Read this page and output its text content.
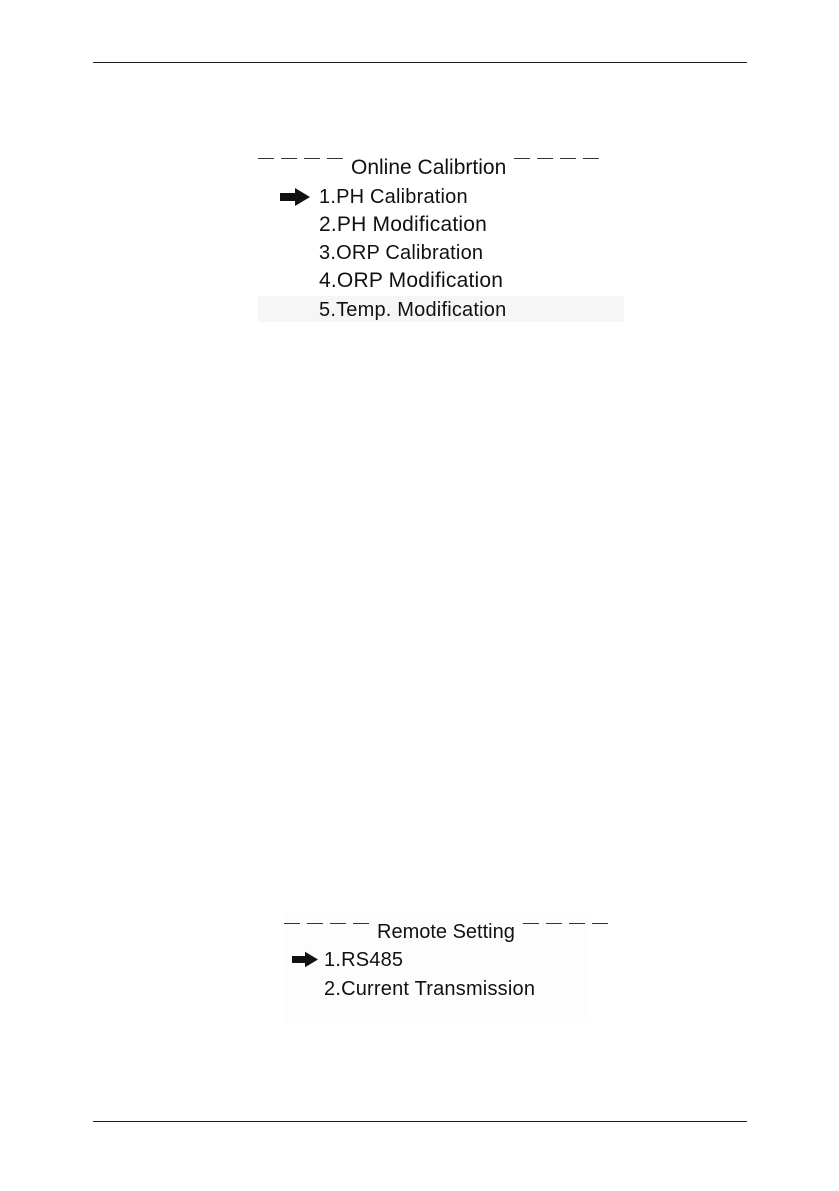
Online Calibrtion
1.PH Calibration
2.PH Modification
3.ORP Calibration
4.ORP Modification
5.Temp. Modification
Remote Setting
1.RS485
2.Current Transmission
